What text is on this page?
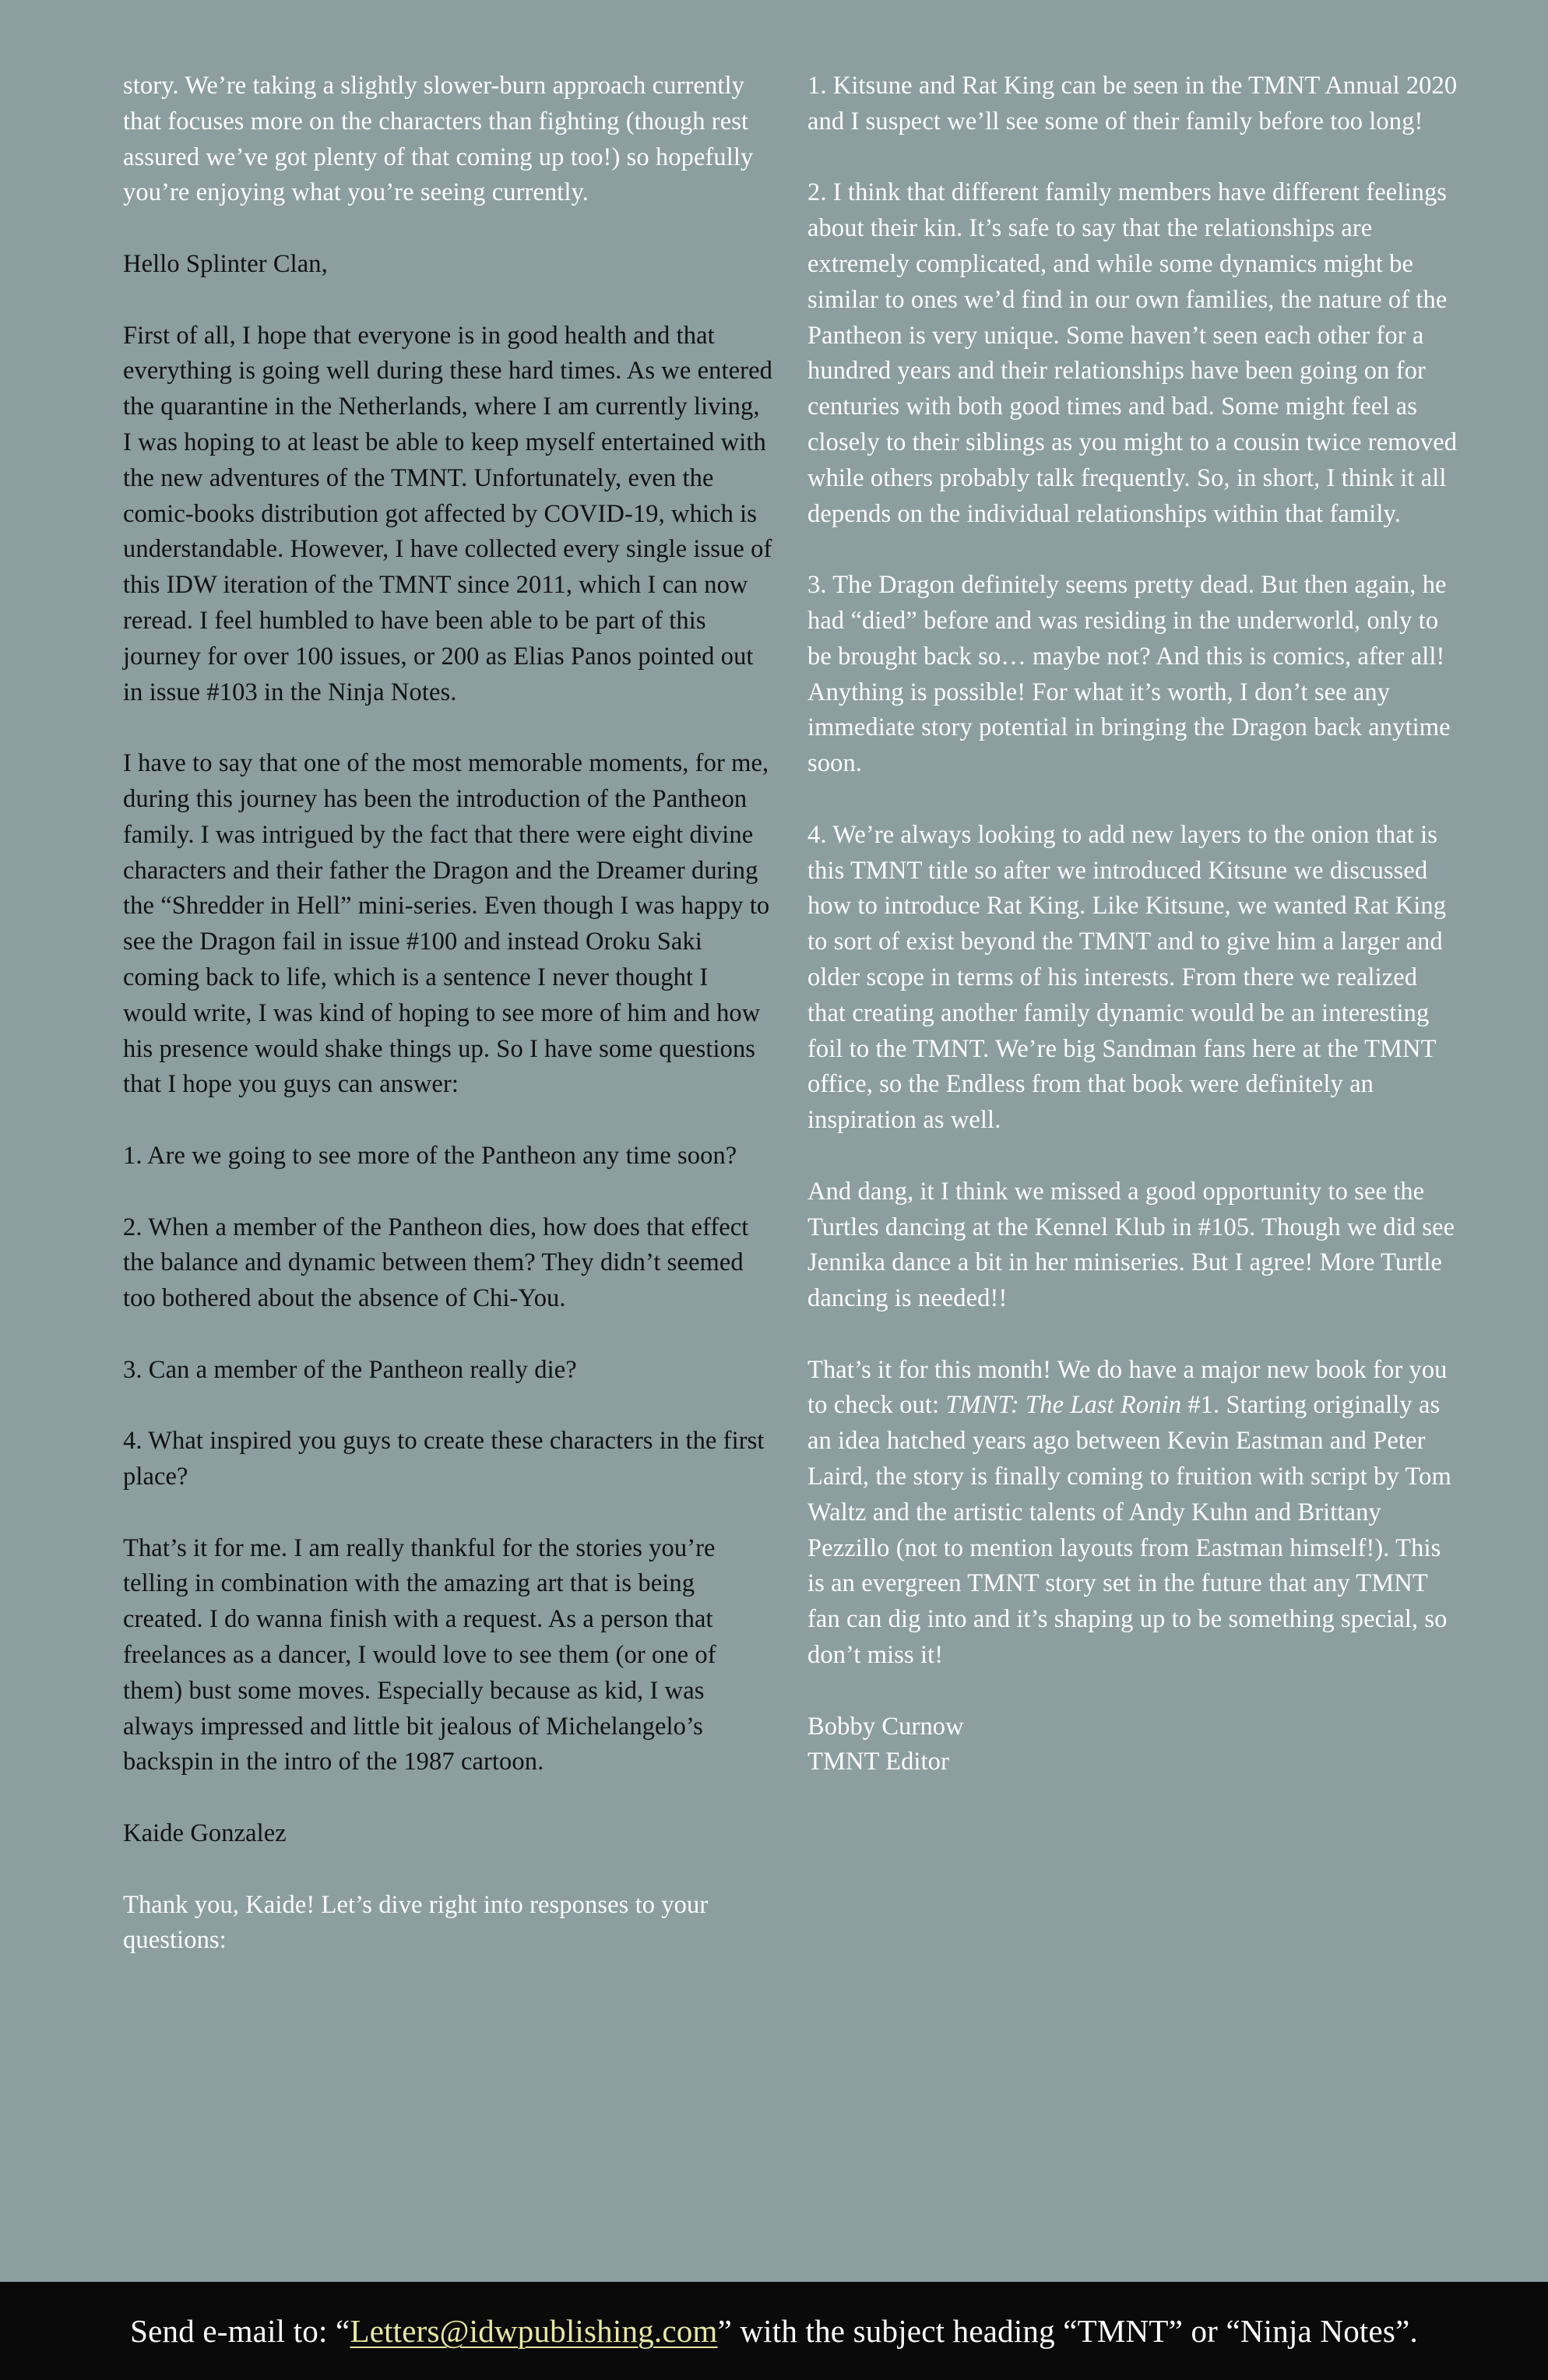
story. We’re taking a slightly slower-burn approach currently that focuses more on the characters than fighting (though rest assured we’ve got plenty of that coming up too!) so hopefully you’re enjoying what you’re seeing currently.
Hello Splinter Clan,
First of all, I hope that everyone is in good health and that everything is going well during these hard times. As we entered the quarantine in the Netherlands, where I am currently living, I was hoping to at least be able to keep myself entertained with the new adventures of the TMNT. Unfortunately, even the comic-books distribution got affected by COVID-19, which is understandable. However, I have collected every single issue of this IDW iteration of the TMNT since 2011, which I can now reread. I feel humbled to have been able to be part of this journey for over 100 issues, or 200 as Elias Panos pointed out in issue #103 in the Ninja Notes.
I have to say that one of the most memorable moments, for me, during this journey has been the introduction of the Pantheon family. I was intrigued by the fact that there were eight divine characters and their father the Dragon and the Dreamer during the “Shredder in Hell” mini-series. Even though I was happy to see the Dragon fail in issue #100 and instead Oroku Saki coming back to life, which is a sentence I never thought I would write, I was kind of hoping to see more of him and how his presence would shake things up. So I have some questions that I hope you guys can answer:
1. Are we going to see more of the Pantheon any time soon?
2. When a member of the Pantheon dies, how does that effect the balance and dynamic between them? They didn’t seemed too bothered about the absence of Chi-You.
3. Can a member of the Pantheon really die?
4. What inspired you guys to create these characters in the first place?
That’s it for me. I am really thankful for the stories you’re telling in combination with the amazing art that is being created. I do wanna finish with a request. As a person that freelances as a dancer, I would love to see them (or one of them) bust some moves. Especially because as kid, I was always impressed and little bit jealous of Michelangelo’s backspin in the intro of the 1987 cartoon.
Kaide Gonzalez
Thank you, Kaide! Let’s dive right into responses to your questions:
1. Kitsune and Rat King can be seen in the TMNT Annual 2020 and I suspect we’ll see some of their family before too long!
2. I think that different family members have different feelings about their kin. It’s safe to say that the relationships are extremely complicated, and while some dynamics might be similar to ones we’d find in our own families, the nature of the Pantheon is very unique. Some haven’t seen each other for a hundred years and their relationships have been going on for centuries with both good times and bad. Some might feel as closely to their siblings as you might to a cousin twice removed while others probably talk frequently. So, in short, I think it all depends on the individual relationships within that family.
3. The Dragon definitely seems pretty dead. But then again, he had “died” before and was residing in the underworld, only to be brought back so… maybe not? And this is comics, after all! Anything is possible! For what it’s worth, I don’t see any immediate story potential in bringing the Dragon back anytime soon.
4. We’re always looking to add new layers to the onion that is this TMNT title so after we introduced Kitsune we discussed how to introduce Rat King. Like Kitsune, we wanted Rat King to sort of exist beyond the TMNT and to give him a larger and older scope in terms of his interests. From there we realized that creating another family dynamic would be an interesting foil to the TMNT. We’re big Sandman fans here at the TMNT office, so the Endless from that book were definitely an inspiration as well.
And dang, it I think we missed a good opportunity to see the Turtles dancing at the Kennel Klub in #105. Though we did see Jennika dance a bit in her miniseries. But I agree! More Turtle dancing is needed!!
That’s it for this month! We do have a major new book for you to check out: TMNT: The Last Ronin #1. Starting originally as an idea hatched years ago between Kevin Eastman and Peter Laird, the story is finally coming to fruition with script by Tom Waltz and the artistic talents of Andy Kuhn and Brittany Pezzillo (not to mention layouts from Eastman himself!). This is an evergreen TMNT story set in the future that any TMNT fan can dig into and it’s shaping up to be something special, so don’t miss it!
Bobby Curnow
TMNT Editor
Send e-mail to: “Letters@idwpublishing.com” with the subject heading “TMNT” or “Ninja Notes”.
